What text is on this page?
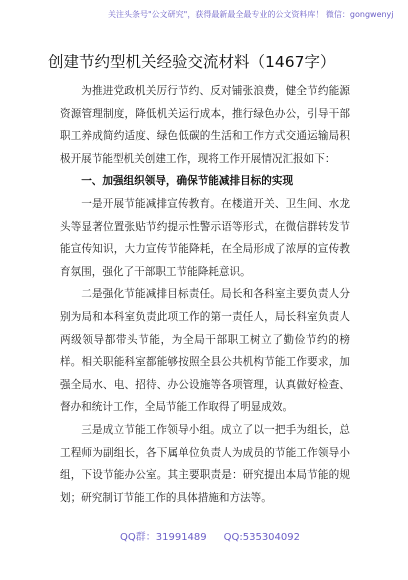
关注头条号"公文研究"，获得最新最全最专业的公文资料库！ 微信：gongwenyj
创建节约型机关经验交流材料（1467字）

为推进党政机关厉行节约、反对铺张浪费，健全节约能源资源管理制度，降低机关运行成本，推行绿色办公，引导干部职工养成简约适度、绿色低碳的生活和工作方式交通运输局积极开展节能型机关创建工作，现将工作开展情况汇报如下：

一、加强组织领导，确保节能减排目标的实现

一是开展节能减排宣传教育。在楼道开关、卫生间、水龙头等显著位置张贴节约提示性警示语等形式，在微信群转发节能宣传知识，大力宣传节能降耗，在全局形成了浓厚的宣传教育氛围，强化了干部职工节能降耗意识。

二是强化节能减排目标责任。局长和各科室主要负责人分别为局和本科室负责此项工作的第一责任人，局长科室负责人两级领导都带头节能，为全局干部职工树立了勤俭节约的榜样。相关职能科室都能够按照全县公共机构节能工作要求，加强全局水、电、招待、办公设施等各项管理，认真做好检查、督办和统计工作，全局节能工作取得了明显成效。

三是成立节能工作领导小组。成立了以一把手为组长，总工程师为副组长，各下属单位负责人为成员的节能工作领导小组，下设节能办公室。其主要职责是：研究提出本局节能的规划；研究制订节能工作的具体措施和方法等。

QQ群：31991489 QQ:535304092
